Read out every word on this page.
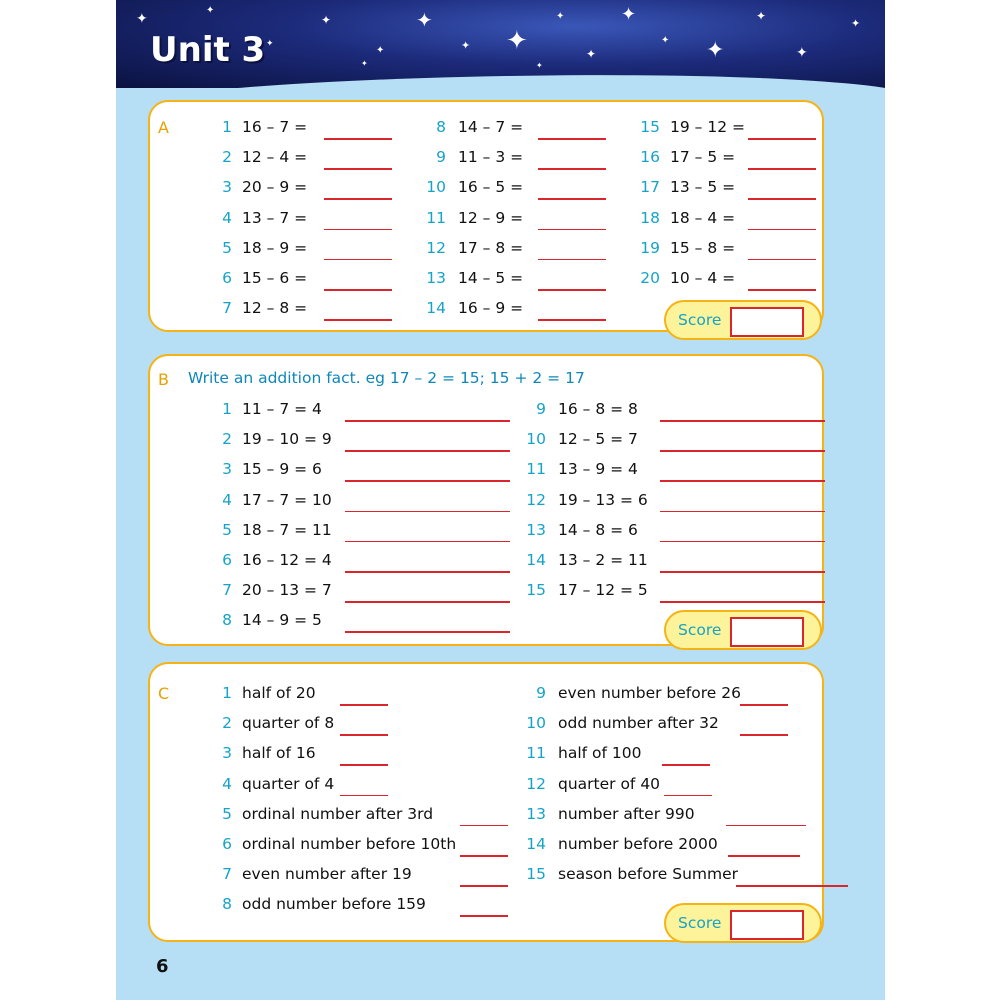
✦
✦
✦
✦
✦
✦
✦ ✦
✦
✦
✦
✦ ✦
✦
✦
✦
✦	✦
Unit 3
A	1 16 – 7 =
2 12 – 4 =
3 20 – 9 =
4 13 – 7 =
5 18 – 9 =
6 15 – 6 =
7 12 – 8 =
8 14 – 7 =
9 11 – 3 =
10 16 – 5 =
11 12 – 9 =
12 17 – 8 =
13 14 – 5 =
14 16 – 9 =
15 19 – 12 =
16 17 – 5 =
17 13 – 5 =
18 18 – 4 =
19 15 – 8 =
20 10 – 4 =
Score
B Write an addition fact. eg 17 – 2 = 15; 15 + 2 = 17
1 11 – 7 = 4
2 19 – 10 = 9
3 15 – 9 = 6
4 17 – 7 = 10
5 18 – 7 = 11
6 16 – 12 = 4
7 20 – 13 = 7
8 14 – 9 = 5
9 16 – 8 = 8
10 12 – 5 = 7
11 13 – 9 = 4
12 19 – 13 = 6
13 14 – 8 = 6
14 13 – 2 = 11
15 17 – 12 = 5
Score
C	1 half of 20
2 quarter of 8
3 half of 16
4 quarter of 4
5 ordinal number after 3rd
6 ordinal number before 10th
7 even number after 19
8 odd number before 159
9 even number before 26
10 odd number after 32
11 half of 100
12 quarter of 40
13 number after 990
14 number before 2000
15 season before Summer
Score
6
